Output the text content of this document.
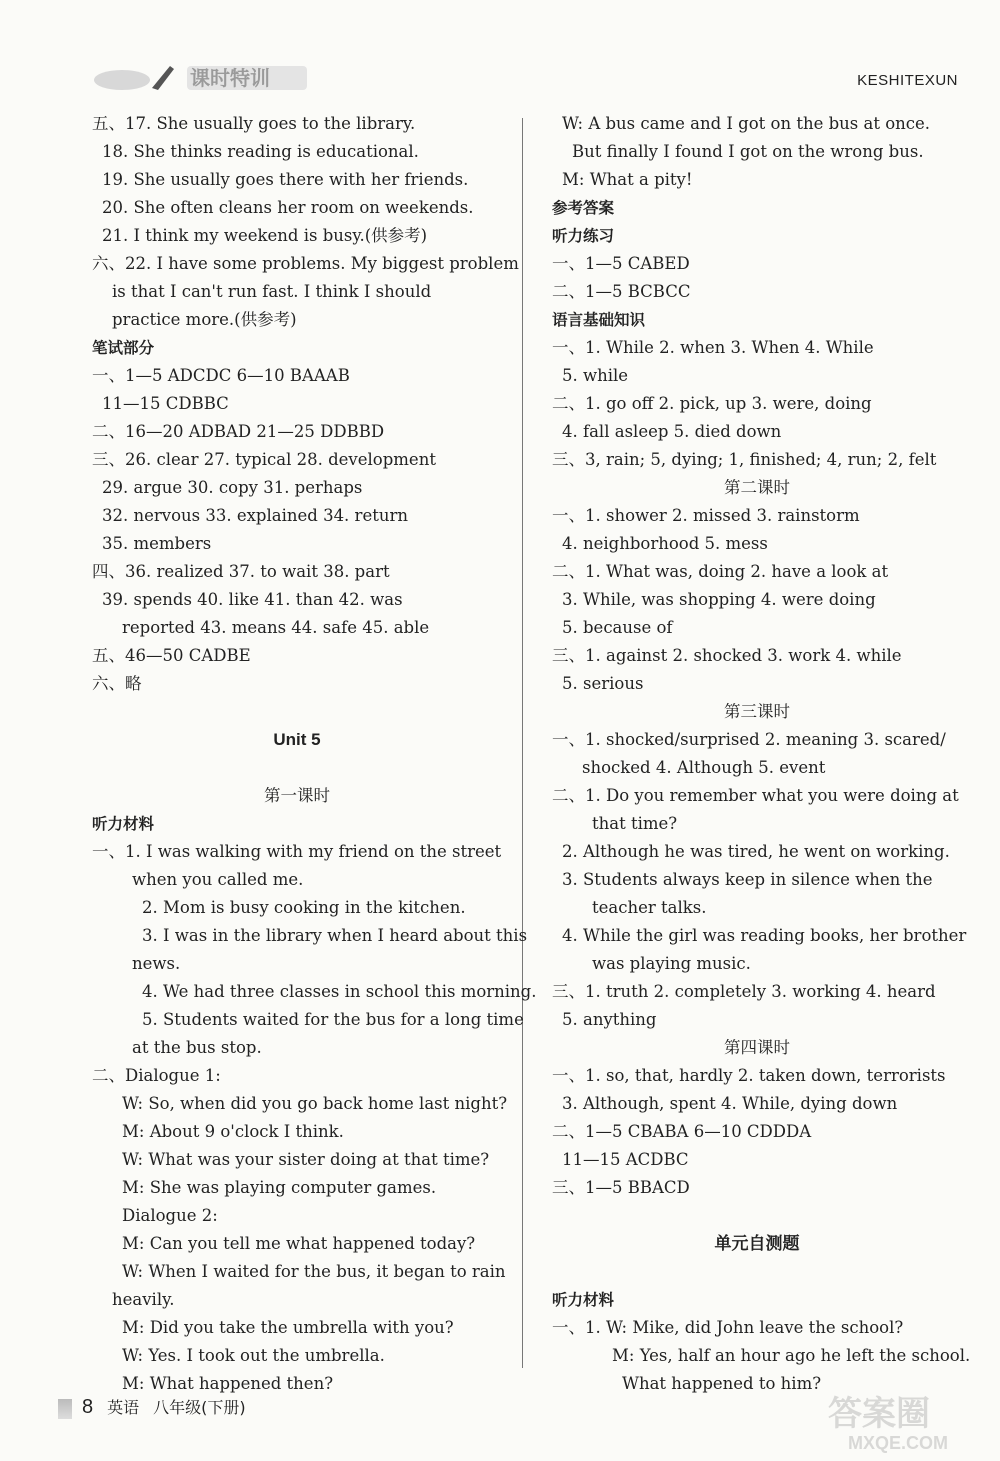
课时特训	KESHITEXUN
五、17. She usually goes to the library.
18. She thinks reading is educational.
19. She usually goes there with her friends.
20. She often cleans her room on weekends.
21. I think my weekend is busy.(供参考)
六、22. I have some problems. My biggest problem
is that I can't run fast. I think I should
practice more.(供参考)
笔试部分
一、1—5 ADCDC 6—10 BAAAB
11—15 CDBBC
二、16—20 ADBAD 21—25 DDBBD
三、26. clear 27. typical 28. development
29. argue 30. copy 31. perhaps
32. nervous 33. explained 34. return
35. members
四、36. realized 37. to wait 38. part
39. spends 40. like 41. than 42. was
reported 43. means 44. safe 45. able
五、46—50 CADBE
六、略
Unit 5
第一课时
听力材料
一、1. I was walking with my friend on the street
when you called me.
2. Mom is busy cooking in the kitchen.
3. I was in the library when I heard about this
news.
4. We had three classes in school this morning.
5. Students waited for the bus for a long time
at the bus stop.
二、Dialogue 1:
W: So, when did you go back home last night?
M: About 9 o'clock I think.
W: What was your sister doing at that time?
M: She was playing computer games.
Dialogue 2:
M: Can you tell me what happened today?
W: When I waited for the bus, it began to rain
heavily.
M: Did you take the umbrella with you?
W: Yes. I took out the umbrella.
M: What happened then?
W: A bus came and I got on the bus at once.
But finally I found I got on the wrong bus.
M: What a pity!
参考答案
听力练习
一、1—5 CABED
二、1—5 BCBCC
语言基础知识
一、1. While 2. when 3. When 4. While
5. while
二、1. go off 2. pick, up 3. were, doing
4. fall asleep 5. died down
三、3, rain; 5, dying; 1, finished; 4, run; 2, felt
第二课时
一、1. shower 2. missed 3. rainstorm
4. neighborhood 5. mess
二、1. What was, doing 2. have a look at
3. While, was shopping 4. were doing
5. because of
三、1. against 2. shocked 3. work 4. while
5. serious
第三课时
一、1. shocked/surprised 2. meaning 3. scared/
shocked 4. Although 5. event
二、1. Do you remember what you were doing at
that time?
2. Although he was tired, he went on working.
3. Students always keep in silence when the
teacher talks.
4. While the girl was reading books, her brother
was playing music.
三、1. truth 2. completely 3. working 4. heard
5. anything
第四课时
一、1. so, that, hardly 2. taken down, terrorists
3. Although, spent 4. While, dying down
二、1—5 CBABA 6—10 CDDDA
11—15 ACDBC
三、1—5 BBACD
单元自测题
听力材料
一、1. W: Mike, did John leave the school?
M: Yes, half an hour ago he left the school.
What happened to him?
8 英语 八年级(下册)	答案圈
MXQE.COM
